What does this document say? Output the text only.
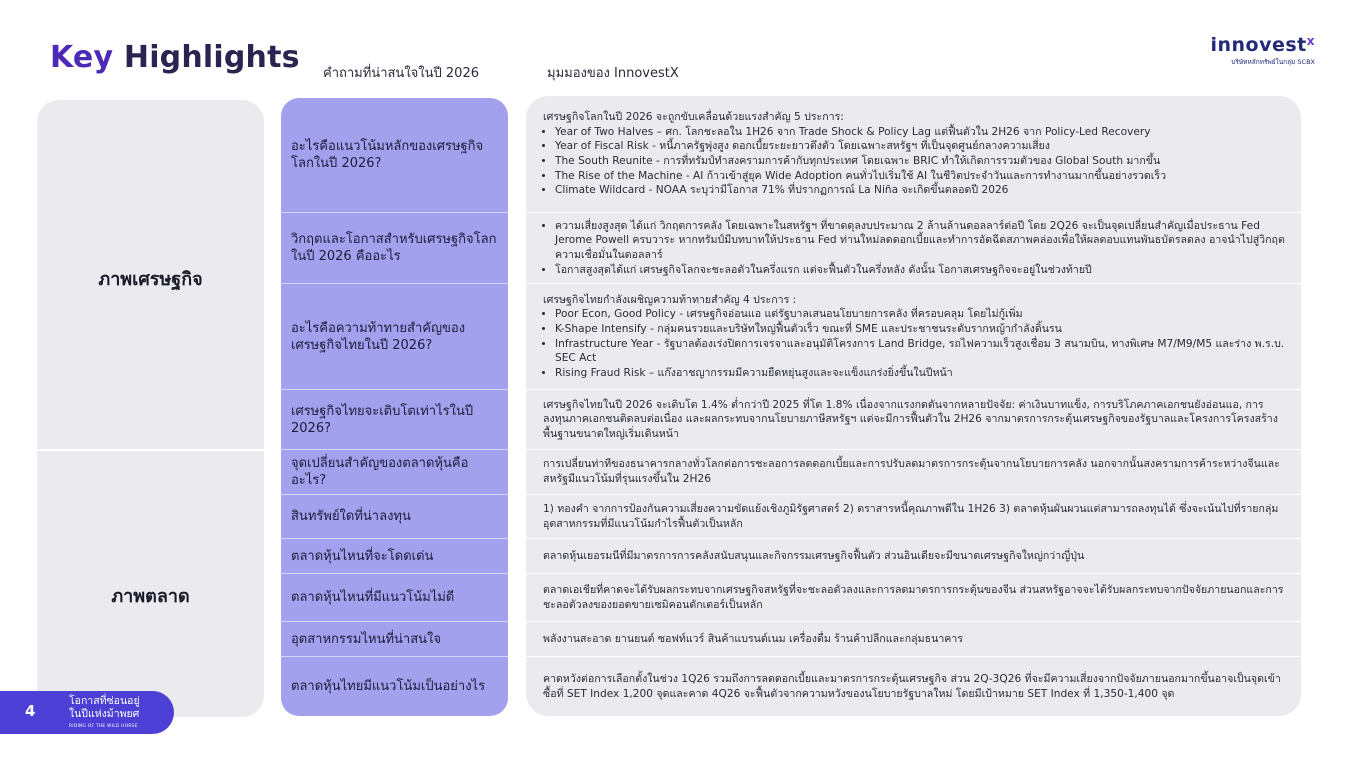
Key Highlights คำถามที่น่าสนใจในปี 2026	มุมมองของ InnovestX
innovest$^x$
บริษัทหลักทรัพย์ในกลุ่ม SCBX
ภาพเศรษฐกิจ
ภาพตลาด
อะไรคือแนวโน้มหลักของเศรษฐกิจโลกในปี 2026?
วิกฤตและโอกาสสำหรับเศรษฐกิจโลกในปี 2026 คืออะไร
อะไรคือความท้าทายสำคัญของเศรษฐกิจไทยในปี 2026?
เศรษฐกิจไทยจะเติบโตเท่าไรในปี 2026?
จุดเปลี่ยนสำคัญของตลาดหุ้นคืออะไร?
สินทรัพย์ใดที่น่าลงทุน
ตลาดหุ้นไหนที่จะโดดเด่น
ตลาดหุ้นไหนที่มีแนวโน้มไม่ดี
อุตสาหกรรมไหนที่น่าสนใจ
ตลาดหุ้นไทยมีแนวโน้มเป็นอย่างไร
เศรษฐกิจโลกในปี 2026 จะถูกขับเคลื่อนด้วยแรงสำคัญ 5 ประการ:
• Year of Two Halves – ศก. โลกชะลอใน 1H26 จาก Trade Shock & Policy Lag แต่ฟื้นตัวใน 2H26 จาก Policy-Led Recovery
• Year of Fiscal Risk - หนี้ภาครัฐพุ่งสูง ดอกเบี้ยระยะยาวตึงตัว โดยเฉพาะสหรัฐฯ ที่เป็นจุดศูนย์กลางความเสี่ยง
• The South Reunite - การที่ทรัมป์ทำสงครามการค้ากับทุกประเทศ โดยเฉพาะ BRIC ทำให้เกิดการรวมตัวของ Global South มากขึ้น
• The Rise of the Machine - AI ก้าวเข้าสู่ยุค Wide Adoption คนทั่วไปเริ่มใช้ AI ในชีวิตประจำวันและการทำงานมากขึ้นอย่างรวดเร็ว
• Climate Wildcard - NOAA ระบุว่ามีโอกาส 71% ที่ปรากฏการณ์ La Niña จะเกิดขึ้นตลอดปี 2026
• ความเสี่ยงสูงสุด ได้แก่ วิกฤตการคลัง โดยเฉพาะในสหรัฐฯ ที่ขาดดุลงบประมาณ 2 ล้านล้านดอลลาร์ต่อปี โดย 2Q26 จะเป็นจุดเปลี่ยนสำคัญเมื่อประธาน Fed Jerome Powell ครบวาระ หากทรัมป์มีบทบาทให้ประธาน Fed ท่านใหม่ลดดอกเบี้ยและทำการอัดฉีดสภาพคล่องเพื่อให้ผลตอบแทนพันธบัตรลดลง อาจนำไปสู่วิกฤตความเชื่อมั่นในดอลลาร์
• โอกาสสูงสุดได้แก่ เศรษฐกิจโลกจะชะลอตัวในครึ่งแรก แต่จะฟื้นตัวในครึ่งหลัง ดังนั้น โอกาสเศรษฐกิจจะอยู่ในช่วงท้ายปี
เศรษฐกิจไทยกำลังเผชิญความท้าทายสำคัญ 4 ประการ :
• Poor Econ, Good Policy - เศรษฐกิจอ่อนแอ แต่รัฐบาลเสนอนโยบายการคลัง ที่ครอบคลุม โดยไม่กู้เพิ่ม
• K-Shape Intensify - กลุ่มคนรวยและบริษัทใหญ่ฟื้นตัวเร็ว ขณะที่ SME และประชาชนระดับรากหญ้ากำลังดิ้นรน
• Infrastructure Year - รัฐบาลต้องเร่งปิดการเจรจาและอนุมัติโครงการ Land Bridge, รถไฟความเร็วสูงเชื่อม 3 สนามบิน, ทางพิเศษ M7/M9/M5 และร่าง พ.ร.บ. SEC Act
• Rising Fraud Risk – แก๊งอาชญากรรมมีความยืดหยุ่นสูงและจะแข็งแกร่งยิ่งขึ้นในปีหน้า
เศรษฐกิจไทยในปี 2026 จะเติบโต 1.4% ต่ำกว่าปี 2025 ที่โต 1.8% เนื่องจากแรงกดดันจากหลายปัจจัย: ค่าเงินบาทแข็ง, การบริโภคภาคเอกชนยังอ่อนแอ, การลงทุนภาคเอกชนติดลบต่อเนื่อง และผลกระทบจากนโยบายภาษีสหรัฐฯ แต่จะมีการฟื้นตัวใน 2H26 จากมาตรการกระตุ้นเศรษฐกิจของรัฐบาลและโครงการโครงสร้างพื้นฐานขนาดใหญ่เริ่มเดินหน้า
การเปลี่ยนท่าทีของธนาคารกลางทั่วโลกต่อการชะลอการลดดอกเบี้ยและการปรับลดมาตรการกระตุ้นจากนโยบายการคลัง นอกจากนั้นสงครามการค้าระหว่างจีนและสหรัฐมีแนวโน้มที่รุนแรงขึ้นใน 2H26
1) ทองคำ จากการป้องกันความเสี่ยงความขัดแย้งเชิงภูมิรัฐศาสตร์ 2) ตราสารหนี้คุณภาพดีใน 1H26 3) ตลาดหุ้นผันผวนแต่สามารถลงทุนได้ ซึ่งจะเน้นไปที่รายกลุ่มอุตสาหกรรมที่มีแนวโน้มกำไรฟื้นตัวเป็นหลัก
ตลาดหุ้นเยอรมนีที่มีมาตรการการคลังสนับสนุนและกิจกรรมเศรษฐกิจฟื้นตัว ส่วนอินเดียจะมีขนาดเศรษฐกิจใหญ่กว่าญี่ปุ่น
ตลาดเอเชียที่คาดจะได้รับผลกระทบจากเศรษฐกิจสหรัฐที่จะชะลอตัวลงและการลดมาตรการกระตุ้นของจีน ส่วนสหรัฐอาจจะได้รับผลกระทบจากปัจจัยภายนอกและการชะลอตัวลงของยอดขายเซมิคอนดักเตอร์เป็นหลัก
พลังงานสะอาด ยานยนต์ ซอฟท์แวร์ สินค้าแบรนด์เนม เครื่องดื่ม ร้านค้าปลีกและกลุ่มธนาคาร
คาดหวังต่อการเลือกตั้งในช่วง 1Q26 รวมถึงการลดดอกเบี้ยและมาตรการกระตุ้นเศรษฐกิจ ส่วน 2Q-3Q26 ที่จะมีความเสี่ยงจากปัจจัยภายนอกมากขึ้นอาจเป็นจุดเข้าซื้อที่ SET Index 1,200 จุดและคาด 4Q26 จะฟื้นตัวจากความหวังของนโยบายรัฐบาลใหม่ โดยมีเป้าหมาย SET Index ที่ 1,350-1,400 จุด
4
โอกาสที่ซ่อนอยู่
ในปีแห่งม้าพยศ
RIDING OF THE WILD HORSE
